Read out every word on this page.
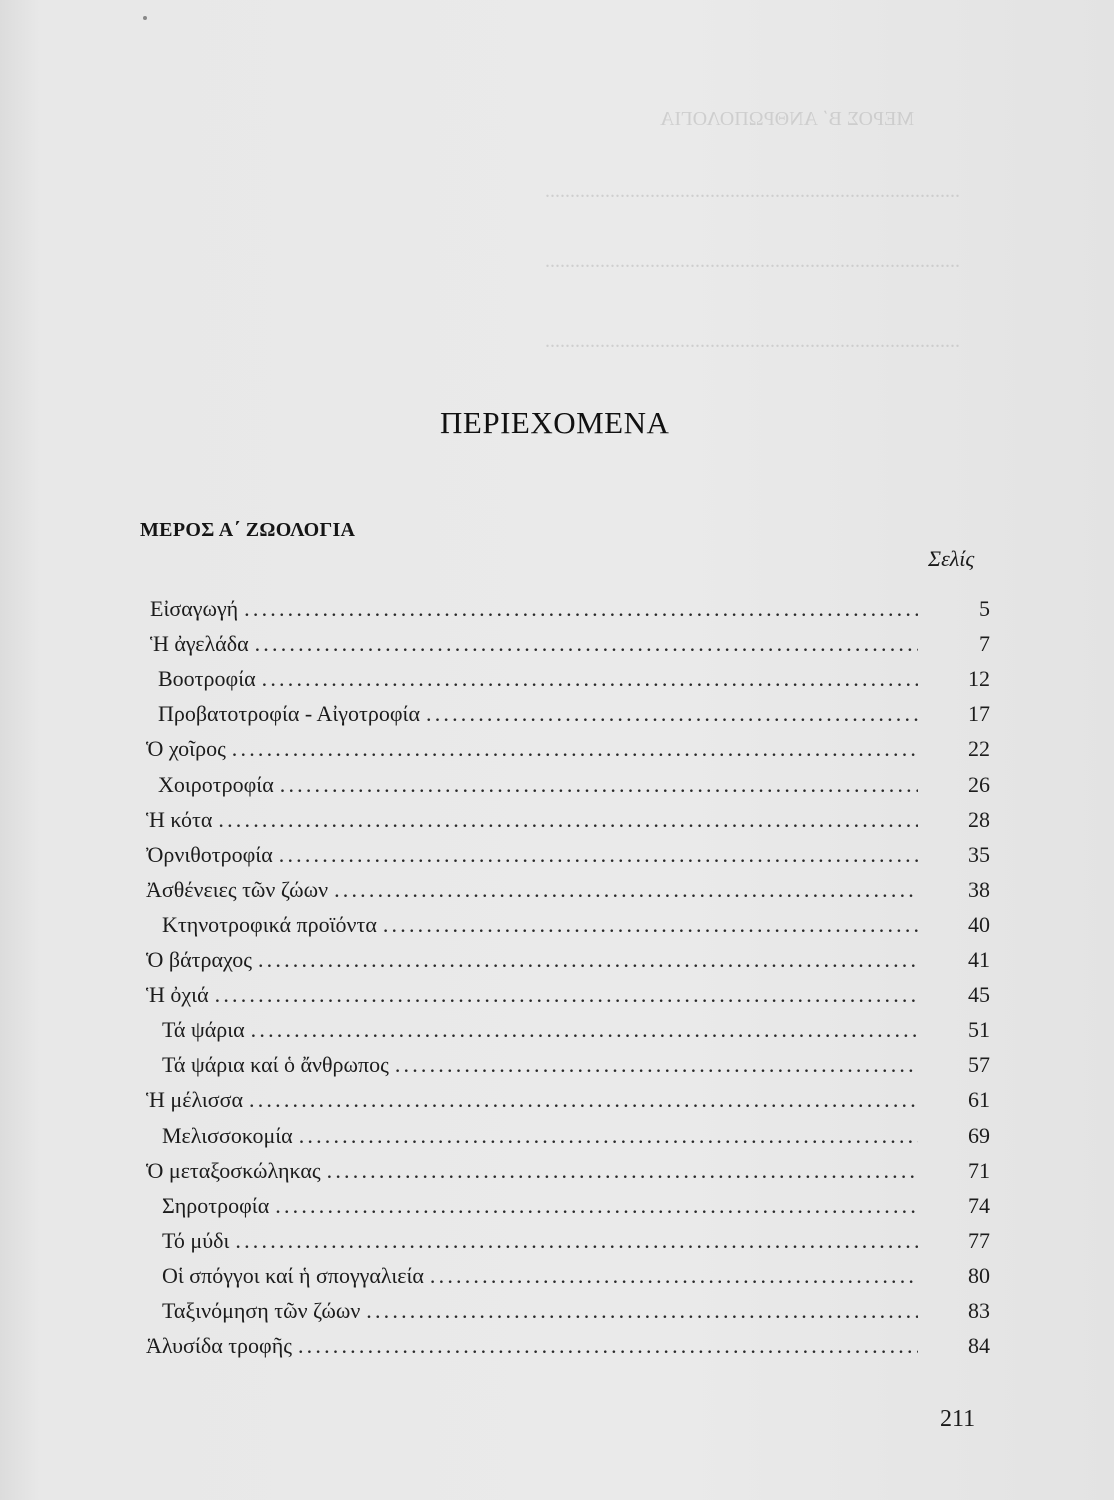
ΜΕΡΟΣ Β΄ ΑΝΘΡΩΠΟΛΟΓΙΑ
...................................................................................
...................................................................................
...................................................................................
ΠΕΡΙΕΧΟΜΕΝΑ
ΜΕΡΟΣ Α΄ ΖΩΟΛΟΓΙΑ
Σελίς
Εἰσαγωγή .....	5
Ἡ ἀγελάδα .....	7
Βοοτροφία .....	12
Προβατοτροφία - Αἰγοτροφία .....	17
Ὁ χοῖρος .....	22
Χοιροτροφία .....	26
Ἡ κότα .....	28
Ὀρνιθοτροφία .....	35
Ἀσθένειες τῶν ζώων .....	38
Κτηνοτροφικά προϊόντα .....	40
Ὁ βάτραχος .....	41
Ἡ ὀχιά .....	45
Τά ψάρια .....	51
Τά ψάρια καί ὁ ἄνθρωπος .....	57
Ἡ μέλισσα .....	61
Μελισσοκομία .....	69
Ὁ μεταξοσκώληκας .....	71
Σηροτροφία .....	74
Τό μύδι .....	77
Οἱ σπόγγοι καί ἡ σπογγαλιεία .....	80
Ταξινόμηση τῶν ζώων .....	83
Ἁλυσίδα τροφῆς .....	84
211
